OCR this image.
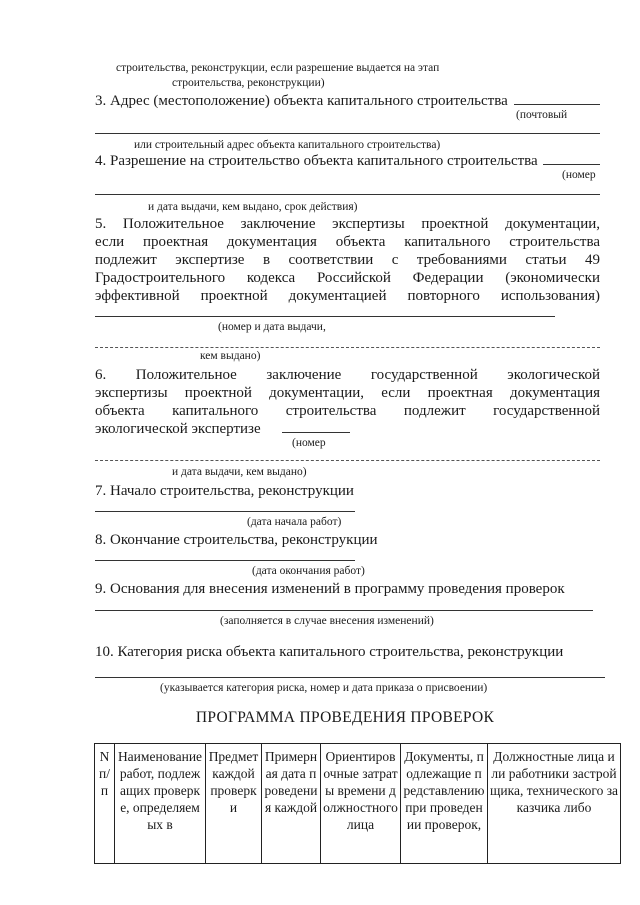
строительства, реконструкции, если разрешение выдается на этап
строительства, реконструкции)
3. Адрес (местоположение) объекта капитального строительства
(почтовый
или строительный адрес объекта капитального строительства)
4. Разрешение на строительство объекта капитального строительства
(номер
и дата выдачи, кем выдано, срок действия)
5. Положительное заключение экспертизы проектной документации,
если проектная документация объекта капитального строительства
подлежит экспертизе в соответствии с требованиями статьи 49
Градостроительного кодекса Российской Федерации (экономически
эффективной проектной документацией повторного использования)
(номер и дата выдачи,
кем выдано)
6. Положительное заключение государственной экологической
экспертизы проектной документации, если проектная документация
объекта капитального строительства подлежит государственной
экологической экспертизе
(номер
и дата выдачи, кем выдано)
7. Начало строительства, реконструкции
(дата начала работ)
8. Окончание строительства, реконструкции
(дата окончания работ)
9. Основания для внесения изменений в программу проведения проверок
(заполняется в случае внесения изменений)
10. Категория риска объекта капитального строительства, реконструкции
(указывается категория риска, номер и дата приказа о присвоении)
ПРОГРАММА ПРОВЕДЕНИЯ ПРОВЕРОК
N п/ п	Наименование работ, подлежащих проверке, определяемых в	Предмет каждой проверки	Примерная дата проведения каждой	Ориентировочные затраты времени должностного лица	Документы, подлежащие представлению при проведении проверок,	Должностные лица или работники застройщика, технического заказчика либо
